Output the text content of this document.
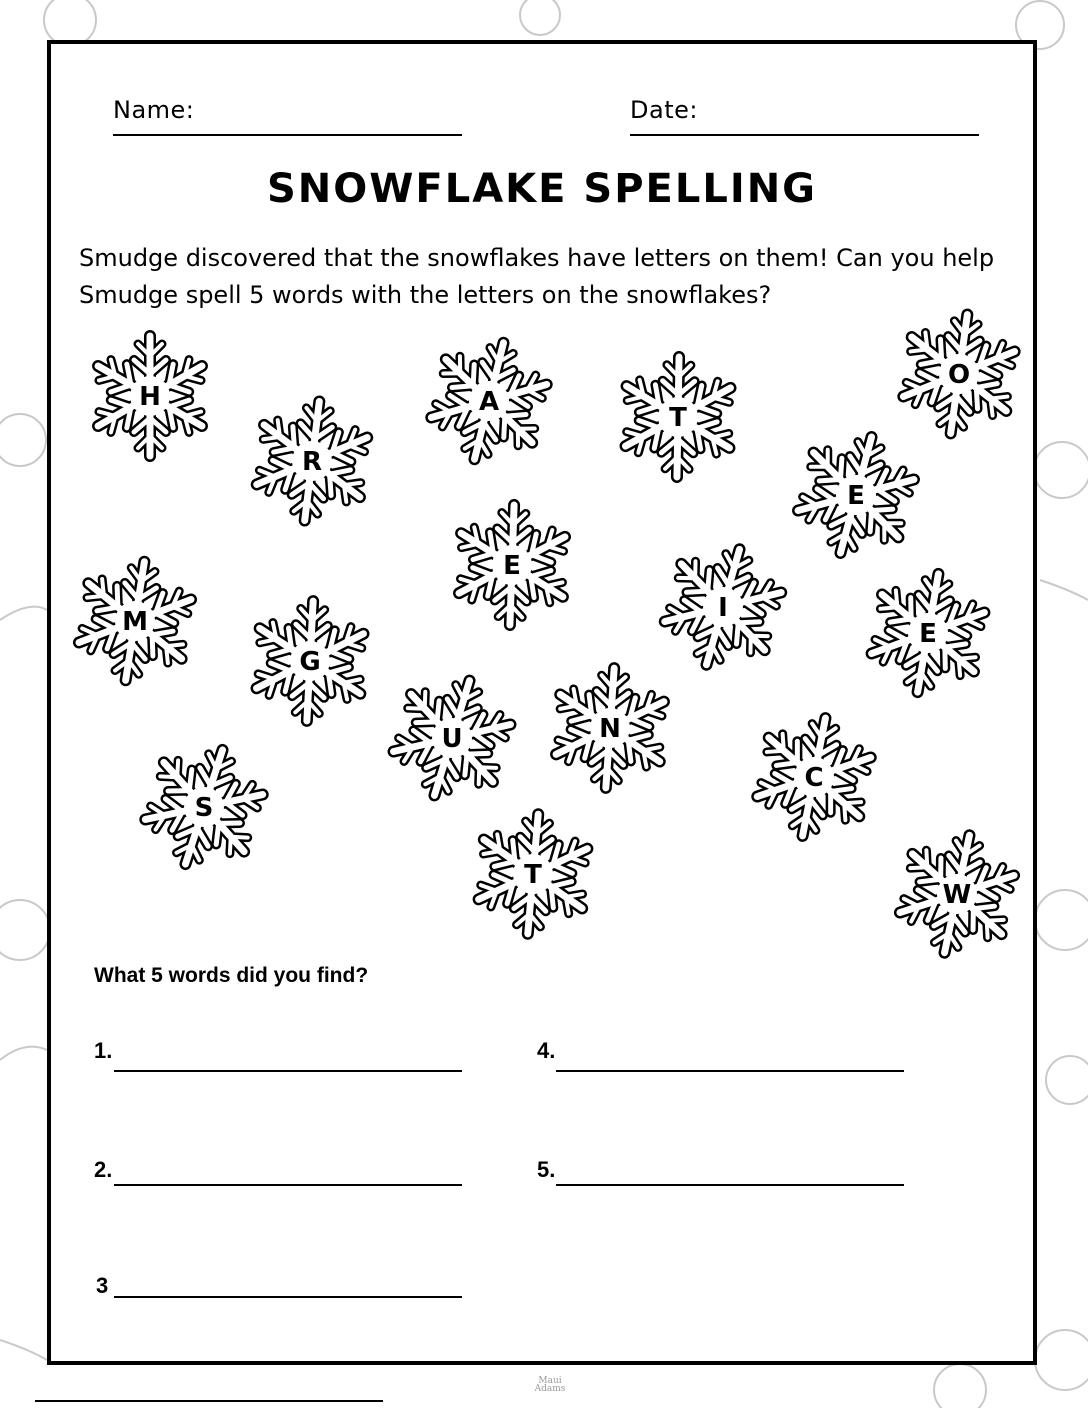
Name:	Date:
SNOWFLAKE SPELLING
Smudge discovered that the snowflakes have letters on them! Can you help
Smudge spell 5 words with the letters on the snowflakes?
H
R
A
T
O
E
E
M	I
G
E
U	N
C
S
T
W
What 5 words did you find?
1.
2.
3
4.
5.
Maui Adams
